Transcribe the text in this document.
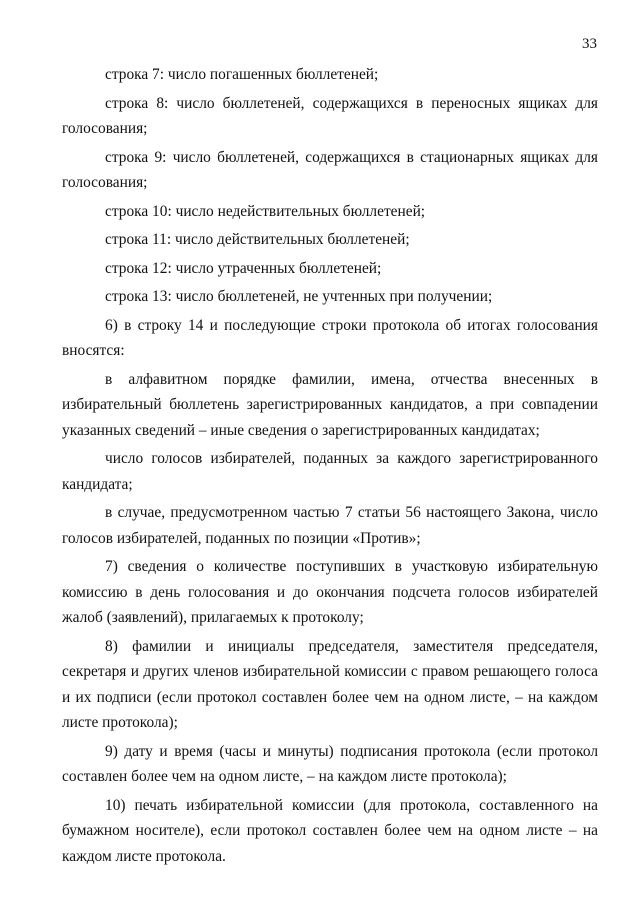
33

строка 7: число погашенных бюллетеней;

строка 8: число бюллетеней, содержащихся в переносных ящиках для голосования;

строка 9: число бюллетеней, содержащихся в стационарных ящиках для голосования;

строка 10: число недействительных бюллетеней;

строка 11: число действительных бюллетеней;

строка 12: число утраченных бюллетеней;

строка 13: число бюллетеней, не учтенных при получении;

6) в строку 14 и последующие строки протокола об итогах голосования вносятся:

в алфавитном порядке фамилии, имена, отчества внесенных в избирательный бюллетень зарегистрированных кандидатов, а при совпадении указанных сведений – иные сведения о зарегистрированных кандидатах;

число голосов избирателей, поданных за каждого зарегистрированного кандидата;

в случае, предусмотренном частью 7 статьи 56 настоящего Закона, число голосов избирателей, поданных по позиции «Против»;

7) сведения о количестве поступивших в участковую избирательную комиссию в день голосования и до окончания подсчета голосов избирателей жалоб (заявлений), прилагаемых к протоколу;

8) фамилии и инициалы председателя, заместителя председателя, секретаря и других членов избирательной комиссии с правом решающего голоса и их подписи (если протокол составлен более чем на одном листе, – на каждом листе протокола);

9) дату и время (часы и минуты) подписания протокола (если протокол составлен более чем на одном листе, – на каждом листе протокола);

10) печать избирательной комиссии (для протокола, составленного на бумажном носителе), если протокол составлен более чем на одном листе – на каждом листе протокола.
